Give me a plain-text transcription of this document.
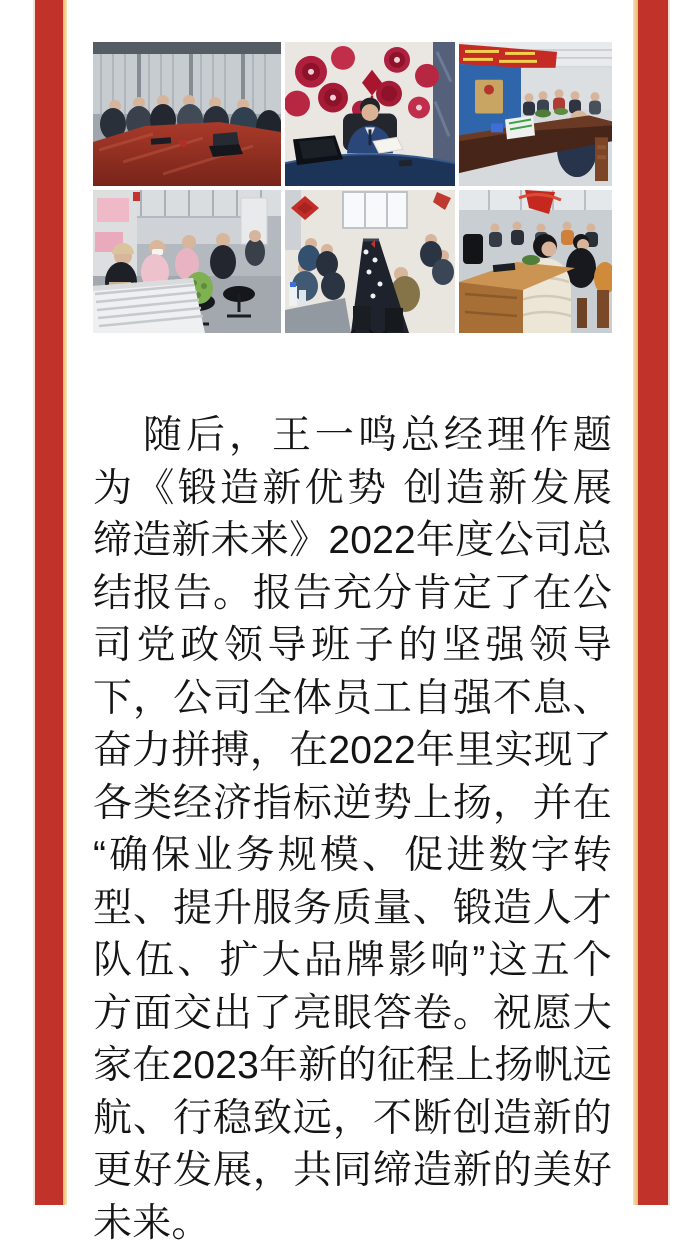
随后，王一鸣总经理作题为《锻造新优势 创造新发展 缔造新未来》2022年度公司总结报告。报告充分肯定了在公司党政领导班子的坚强领导下，公司全体员工自强不息、奋力拼搏，在2022年里实现了各类经济指标逆势上扬，并在“确保业务规模、促进数字转型、提升服务质量、锻造人才队伍、扩大品牌影响”这五个方面交出了亮眼答卷。祝愿大家在2023年新的征程上扬帆远航、行稳致远，不断创造新的更好发展，共同缔造新的美好未来。
